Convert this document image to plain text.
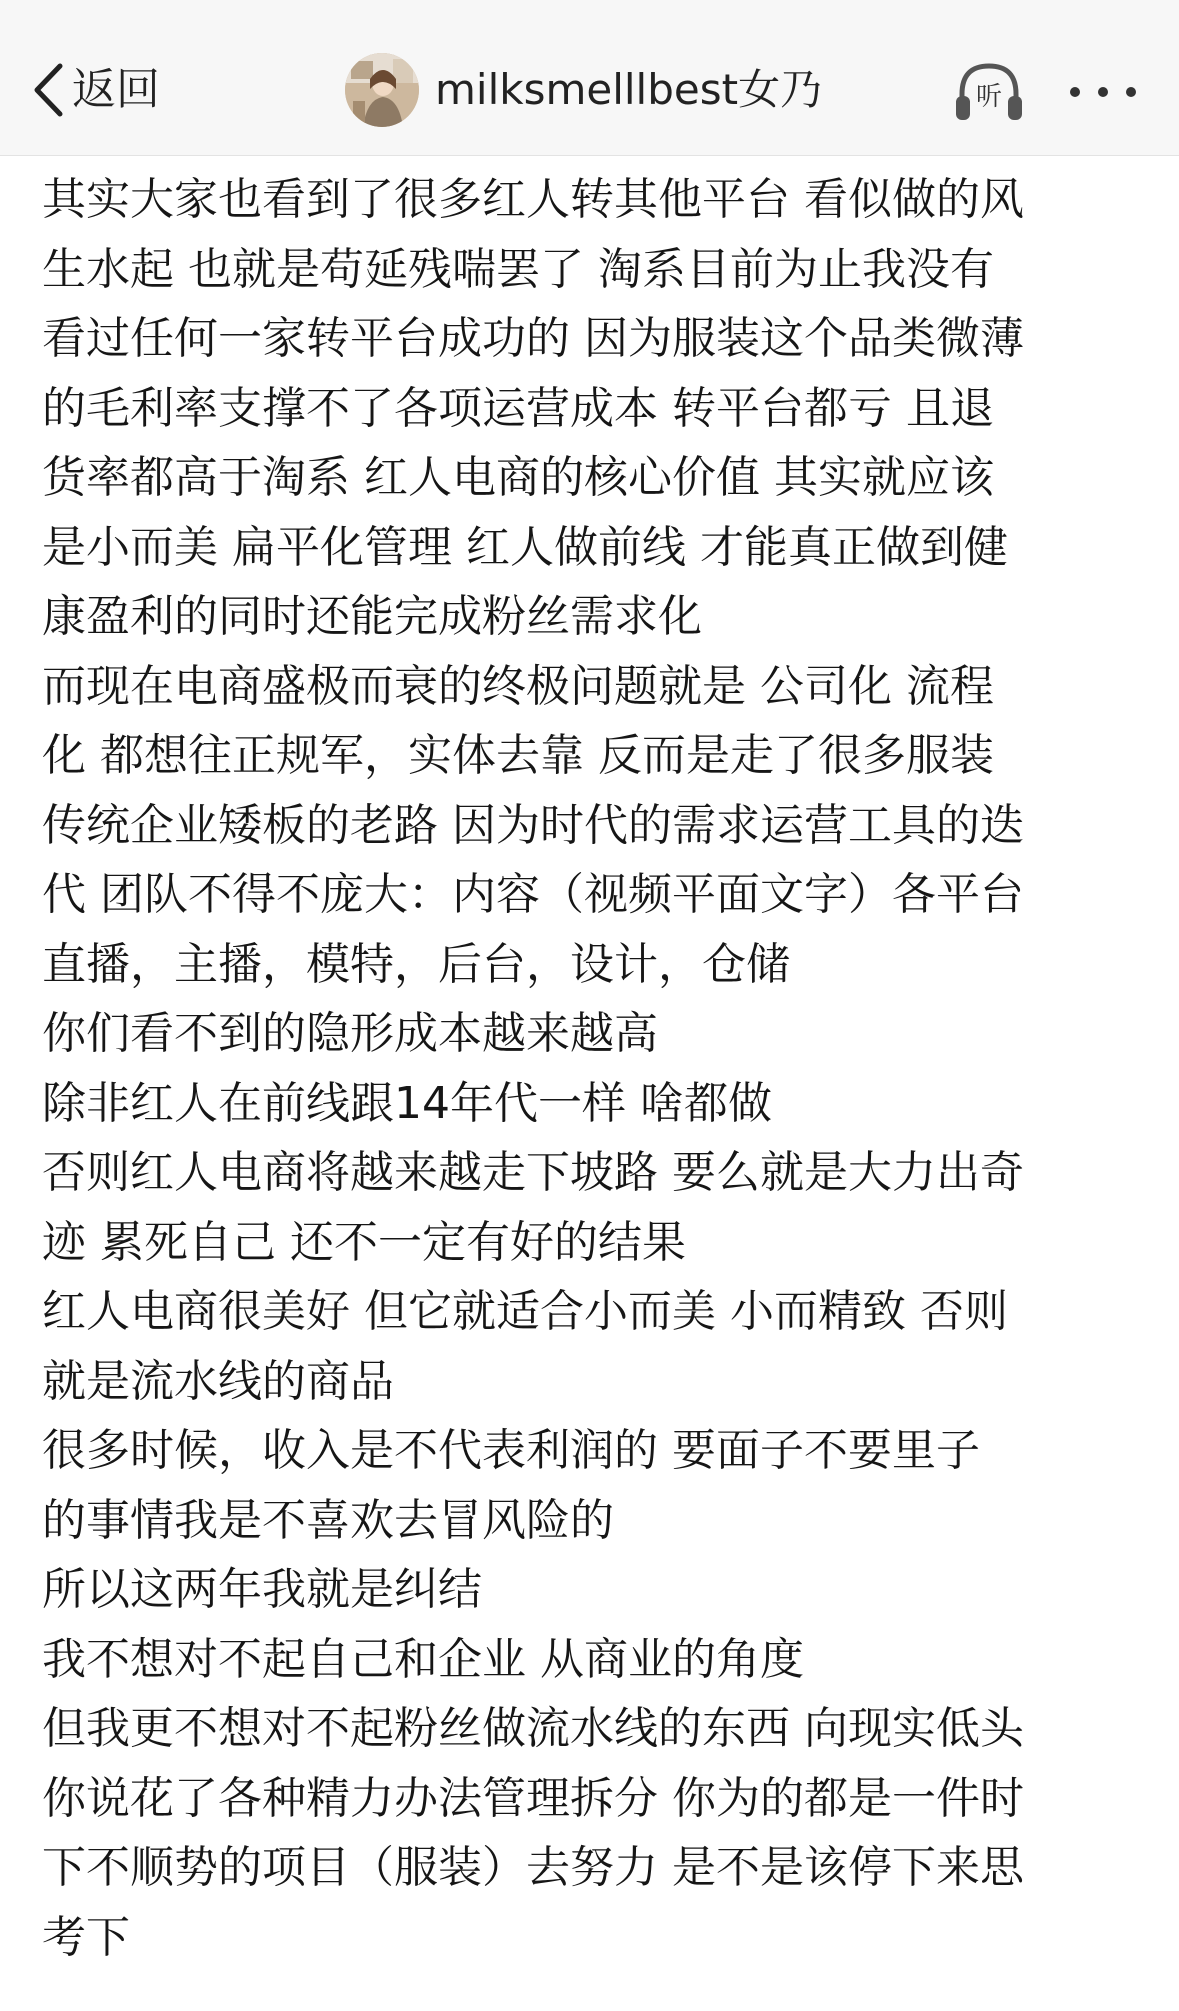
返回	milksmelllbest女乃	听
其实大家也看到了很多红人转其他平台 看似做的风
生水起 也就是苟延残喘罢了 淘系目前为止我没有
看过任何一家转平台成功的 因为服装这个品类微薄
的毛利率支撑不了各项运营成本 转平台都亏 且退
货率都高于淘系 红人电商的核心价值 其实就应该
是小而美 扁平化管理 红人做前线 才能真正做到健
康盈利的同时还能完成粉丝需求化
而现在电商盛极而衰的终极问题就是 公司化 流程
化 都想往正规军，实体去靠 反而是走了很多服装
传统企业矮板的老路 因为时代的需求运营工具的迭
代 团队不得不庞大：内容（视频平面文字）各平台
直播，主播，模特，后台，设计，仓储
你们看不到的隐形成本越来越高
除非红人在前线跟14年代一样 啥都做
否则红人电商将越来越走下坡路 要么就是大力出奇
迹 累死自己 还不一定有好的结果
红人电商很美好 但它就适合小而美 小而精致 否则
就是流水线的商品
很多时候，收入是不代表利润的 要面子不要里子
的事情我是不喜欢去冒风险的
所以这两年我就是纠结
我不想对不起自己和企业 从商业的角度
但我更不想对不起粉丝做流水线的东西 向现实低头
你说花了各种精力办法管理拆分 你为的都是一件时
下不顺势的项目（服装）去努力 是不是该停下来思
考下
